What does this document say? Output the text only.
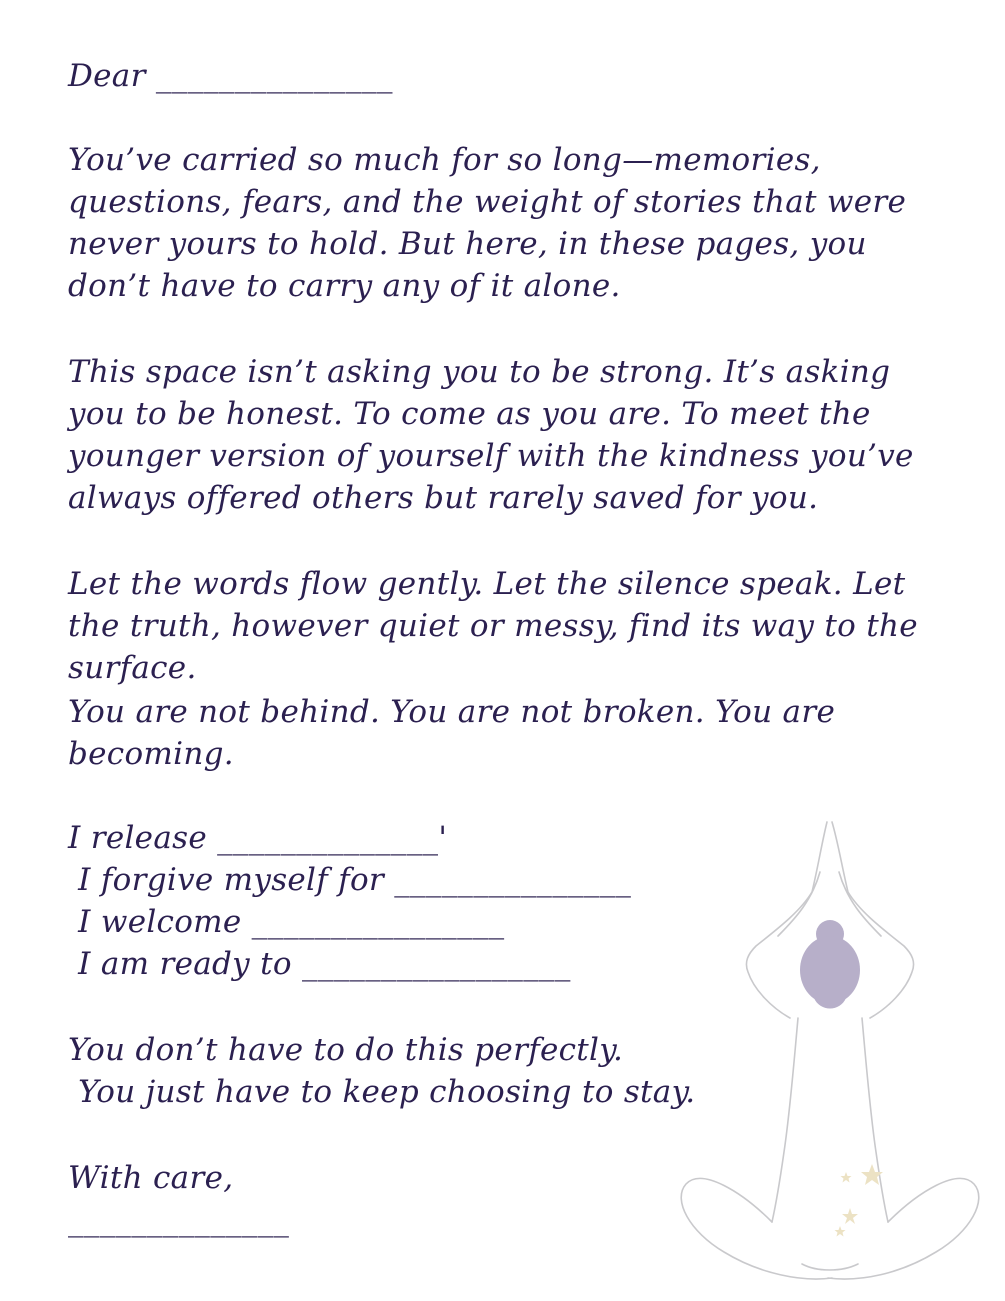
Dear _______________
You’ve carried so much for so long—memories,
questions, fears, and the weight of stories that were
never yours to hold. But here, in these pages, you
don’t have to carry any of it alone.
This space isn’t asking you to be strong. It’s asking
you to be honest. To come as you are. To meet the
younger version of yourself with the kindness you’ve
always offered others but rarely saved for you.
Let the words flow gently. Let the silence speak. Let
the truth, however quiet or messy, find its way to the
surface.
You are not behind. You are not broken. You are
becoming.
I release ______________'
I forgive myself for _______________
I welcome ________________
I am ready to _________________
You don’t have to do this perfectly.
You just have to keep choosing to stay.
With care,
______________
